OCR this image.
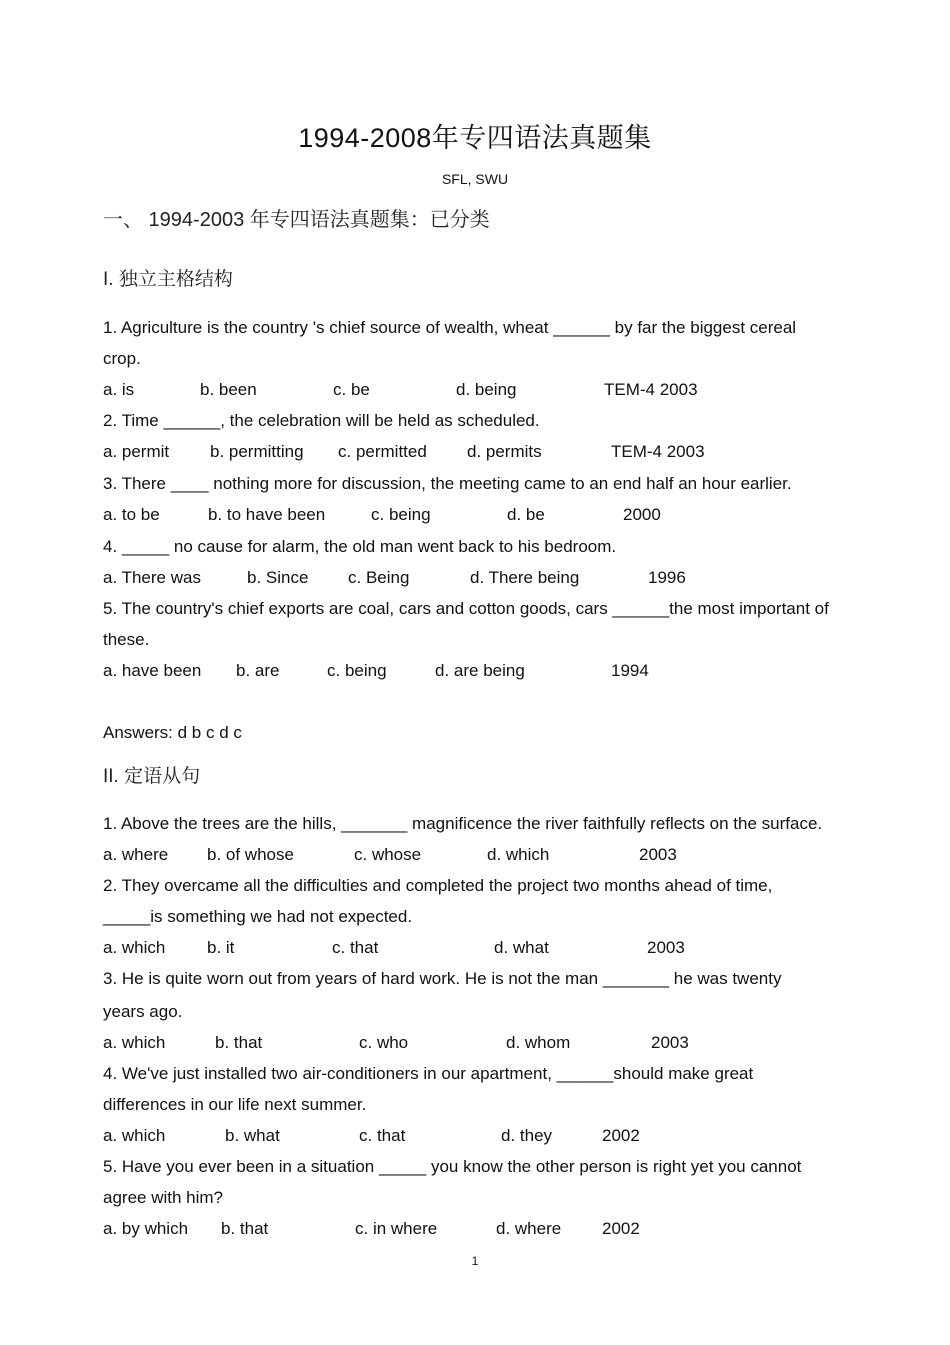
1994-2008年专四语法真题集
SFL, SWU
一、 1994-2003 年专四语法真题集：已分类
I. 独立主格结构
1. Agriculture is the country 's chief source of wealth, wheat ______ by far the biggest cereal
crop.
a. is	b. been	c. be	d. being	TEM-4 2003
2. Time ______, the celebration will be held as scheduled.
a. permit b. permitting c. permitted d. permits	TEM-4 2003
3. There ____ nothing more for discussion, the meeting came to an end half an hour earlier.
a. to be	b. to have been	c. being	d. be	2000
4. _____ no cause for alarm, the old man went back to his bedroom.
a. There was	b. Since c. Being	d. There being	1996
5. The country's chief exports are coal, cars and cotton goods, cars ______the most important of
these.
a. have been b. are	c. being	d. are being	1994
Answers: d b c d c
II. 定语从句
1. Above the trees are the hills, _______ magnificence the river faithfully reflects on the surface.
a. where b. of whose	c. whose	d. which	2003
2. They overcame all the difficulties and completed the project two months ahead of time,
_____is something we had not expected.
a. which b. it	c. that	d. what	2003
3. He is quite worn out from years of hard work. He is not the man _______ he was twenty
years ago.
a. which	b. that	c. who	d. whom	2003
4. We've just installed two air-conditioners in our apartment, ______should make great
differences in our life next summer.
a. which	b. what	c. that	d. they	2002
5. Have you ever been in a situation _____ you know the other person is right yet you cannot
agree with him?
a. by which b. that	c. in where	d. where 2002
1
